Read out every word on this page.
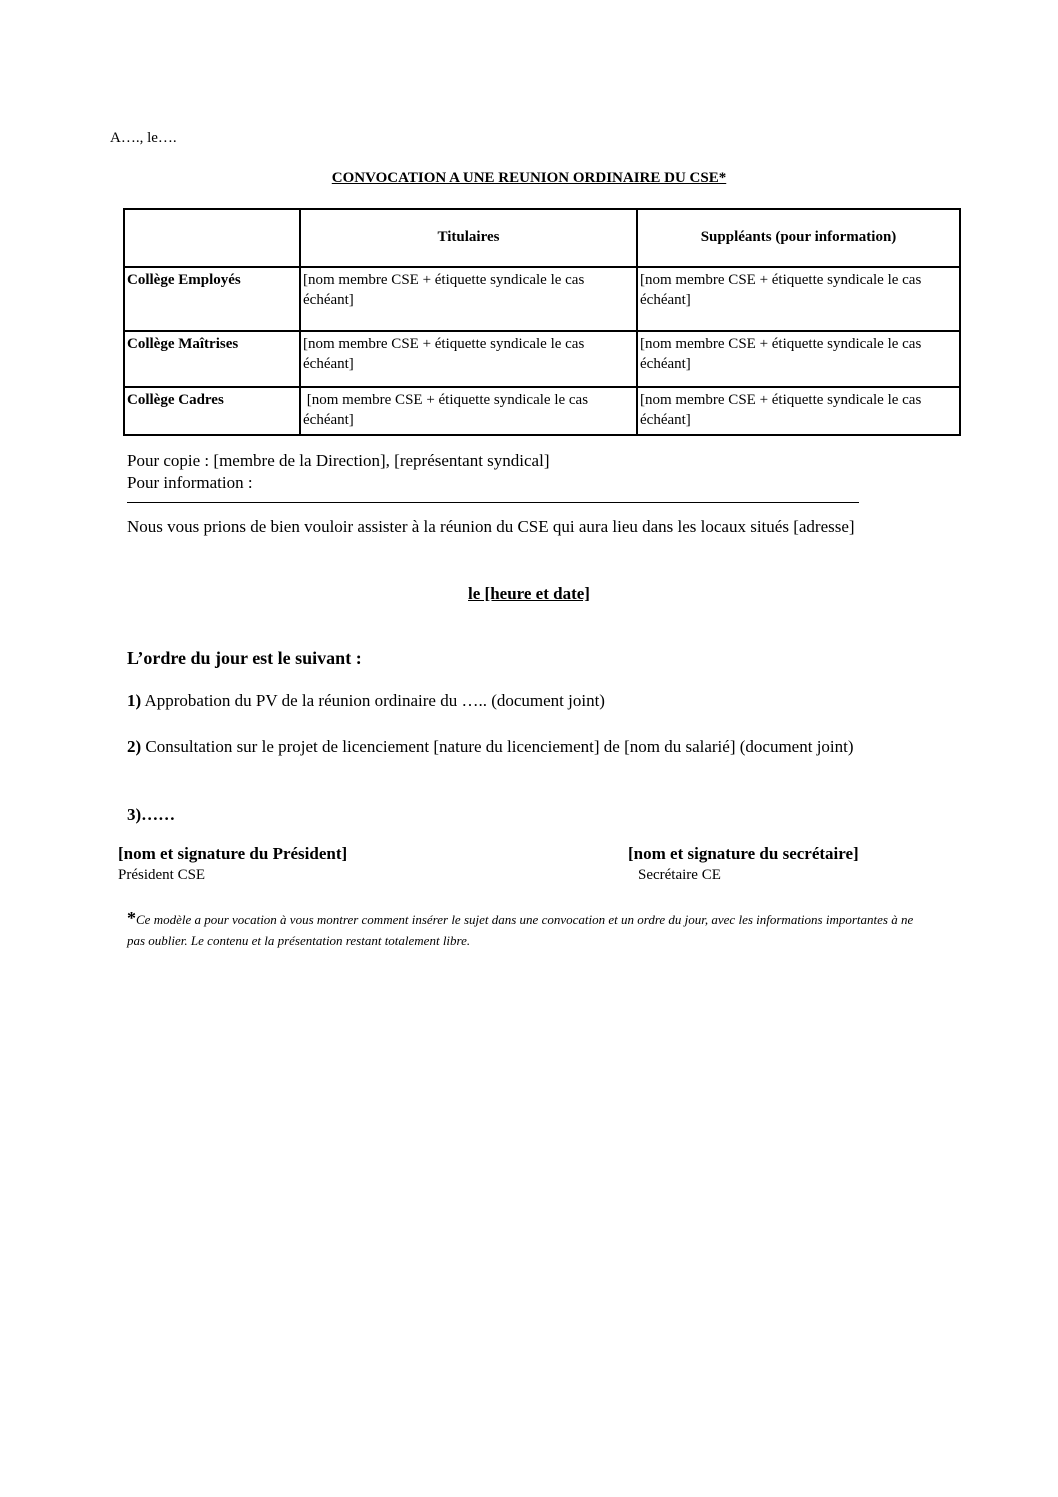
A…., le….
CONVOCATION A UNE REUNION ORDINAIRE DU CSE*
	Titulaires	Suppléants (pour information)
Collège Employés	[nom membre CSE + étiquette syndicale le cas échéant]	[nom membre CSE + étiquette syndicale le cas échéant]
Collège Maîtrises	[nom membre CSE + étiquette syndicale le cas échéant]	[nom membre CSE + étiquette syndicale le cas échéant]
Collège Cadres	[nom membre CSE + étiquette syndicale le cas échéant]	[nom membre CSE + étiquette syndicale le cas échéant]
Pour copie : [membre de la Direction], [représentant syndical]
Pour information :
Nous vous prions de bien vouloir assister à la réunion du CSE qui aura lieu dans les locaux situés [adresse]
le [heure et date]
L’ordre du jour est le suivant :
1) Approbation du PV de la réunion ordinaire du ….. (document joint)
2) Consultation sur le projet de licenciement [nature du licenciement] de [nom du salarié] (document joint)
3)……
[nom et signature du Président]
Président CSE
[nom et signature du secrétaire]
Secrétaire CE
*Ce modèle a pour vocation à vous montrer comment insérer le sujet dans une convocation et un ordre du jour, avec les informations importantes à ne pas oublier. Le contenu et la présentation restant totalement libre.
